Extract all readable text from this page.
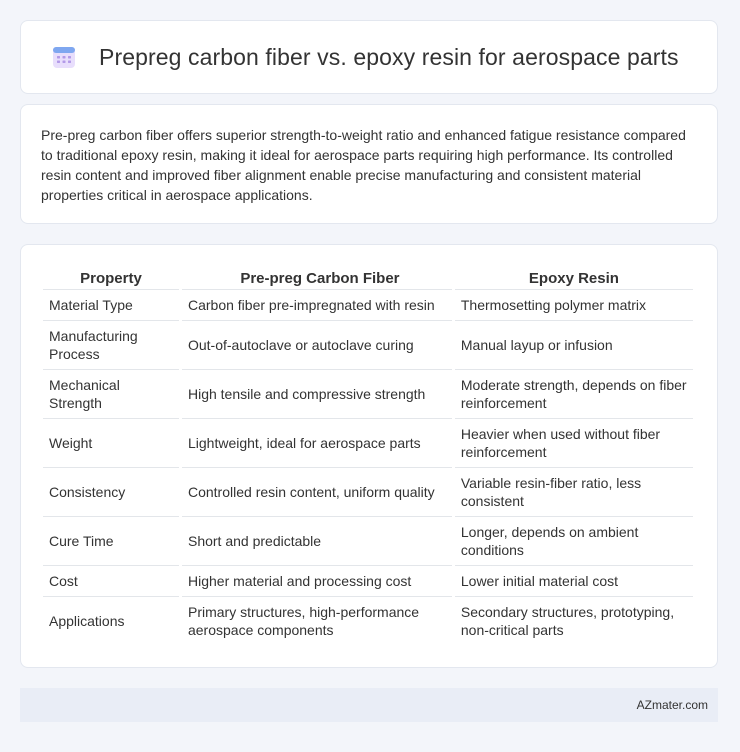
Prepreg carbon fiber vs. epoxy resin for aerospace parts

Pre-preg carbon fiber offers superior strength-to-weight ratio and enhanced fatigue resistance compared to traditional epoxy resin, making it ideal for aerospace parts requiring high performance. Its controlled resin content and improved fiber alignment enable precise manufacturing and consistent material properties critical in aerospace applications.

Property	Pre-preg Carbon Fiber	Epoxy Resin
Material Type	Carbon fiber pre-impregnated with resin	Thermosetting polymer matrix
Manufacturing Process	Out-of-autoclave or autoclave curing	Manual layup or infusion
Mechanical Strength	High tensile and compressive strength	Moderate strength, depends on fiber reinforcement
Weight	Lightweight, ideal for aerospace parts	Heavier when used without fiber reinforcement
Consistency	Controlled resin content, uniform quality	Variable resin-fiber ratio, less consistent
Cure Time	Short and predictable	Longer, depends on ambient conditions
Cost	Higher material and processing cost	Lower initial material cost
Applications	Primary structures, high-performance aerospace components	Secondary structures, prototyping, non-critical parts
AZmater.com
